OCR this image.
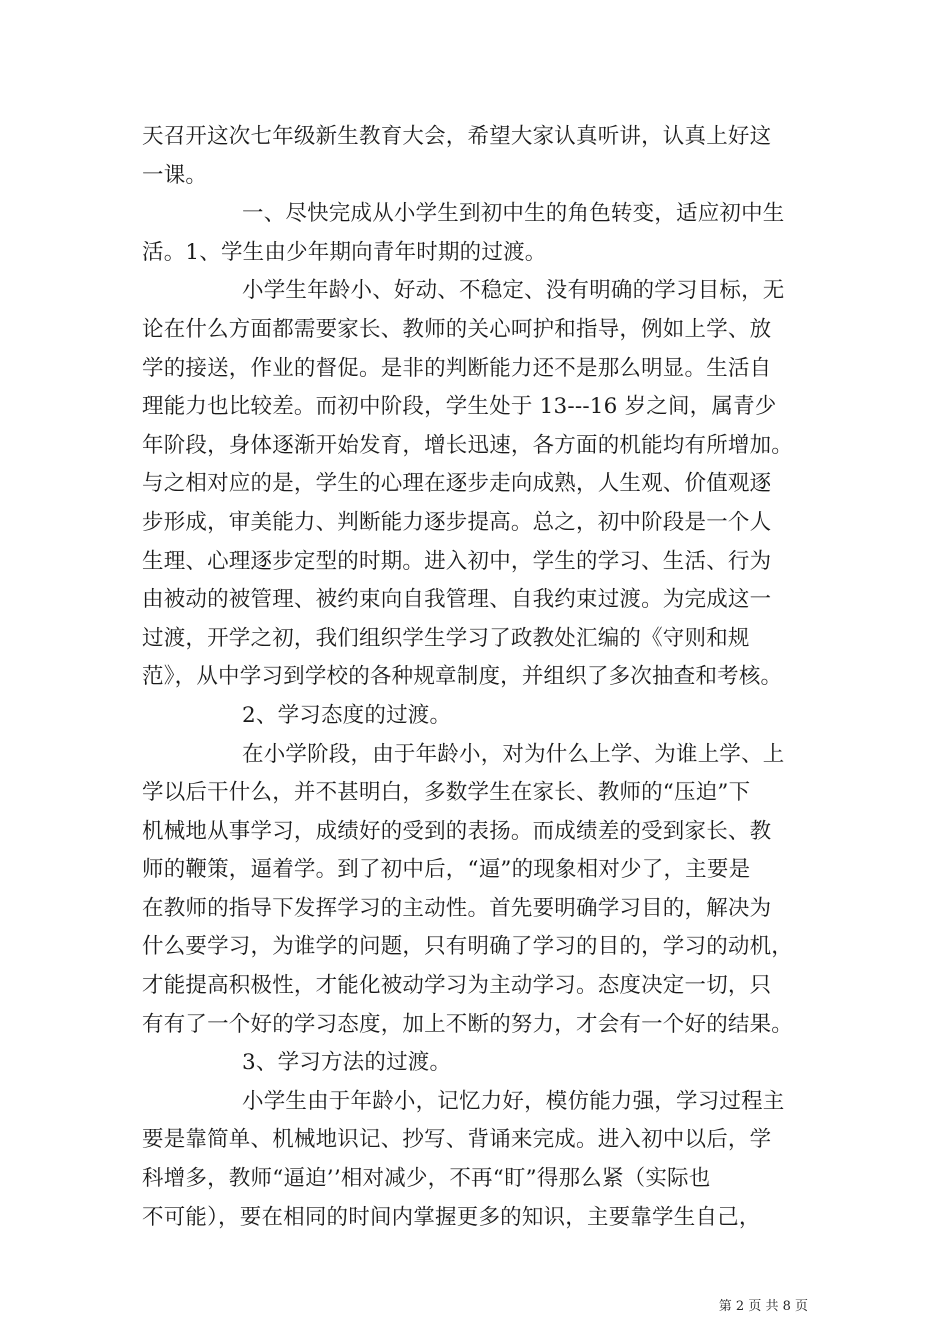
天召开这次七年级新生教育大会，希望大家认真听讲，认真上好这
一课。
一、尽快完成从小学生到初中生的角色转变，适应初中生
活。1、学生由少年期向青年时期的过渡。
小学生年龄小、好动、不稳定、没有明确的学习目标，无
论在什么方面都需要家长、教师的关心呵护和指导，例如上学、放
学的接送，作业的督促。是非的判断能力还不是那么明显。生活自
理能力也比较差。而初中阶段，学生处于 13---16 岁之间，属青少
年阶段，身体逐渐开始发育，增长迅速，各方面的机能均有所增加。
与之相对应的是，学生的心理在逐步走向成熟，人生观、价值观逐
步形成，审美能力、判断能力逐步提高。总之，初中阶段是一个人
生理、心理逐步定型的时期。进入初中，学生的学习、生活、行为
由被动的被管理、被约束向自我管理、自我约束过渡。为完成这一
过渡，开学之初，我们组织学生学习了政教处汇编的《守则和规
范》，从中学习到学校的各种规章制度，并组织了多次抽查和考核。
2、学习态度的过渡。
在小学阶段，由于年龄小，对为什么上学、为谁上学、上
学以后干什么，并不甚明白，多数学生在家长、教师的“压迫”下
机械地从事学习，成绩好的受到的表扬。而成绩差的受到家长、教
师的鞭策，逼着学。到了初中后，“逼”的现象相对少了，主要是
在教师的指导下发挥学习的主动性。首先要明确学习目的，解决为
什么要学习，为谁学的问题，只有明确了学习的目的，学习的动机，
才能提高积极性，才能化被动学习为主动学习。态度决定一切，只
有有了一个好的学习态度，加上不断的努力，才会有一个好的结果。
3、学习方法的过渡。
小学生由于年龄小，记忆力好，模仿能力强，学习过程主
要是靠简单、机械地识记、抄写、背诵来完成。进入初中以后，学
科增多，教师“逼迫’’相对减少，不再“盯”得那么紧（实际也
不可能），要在相同的时间内掌握更多的知识，主要靠学生自己，
第 2 页 共 8 页
